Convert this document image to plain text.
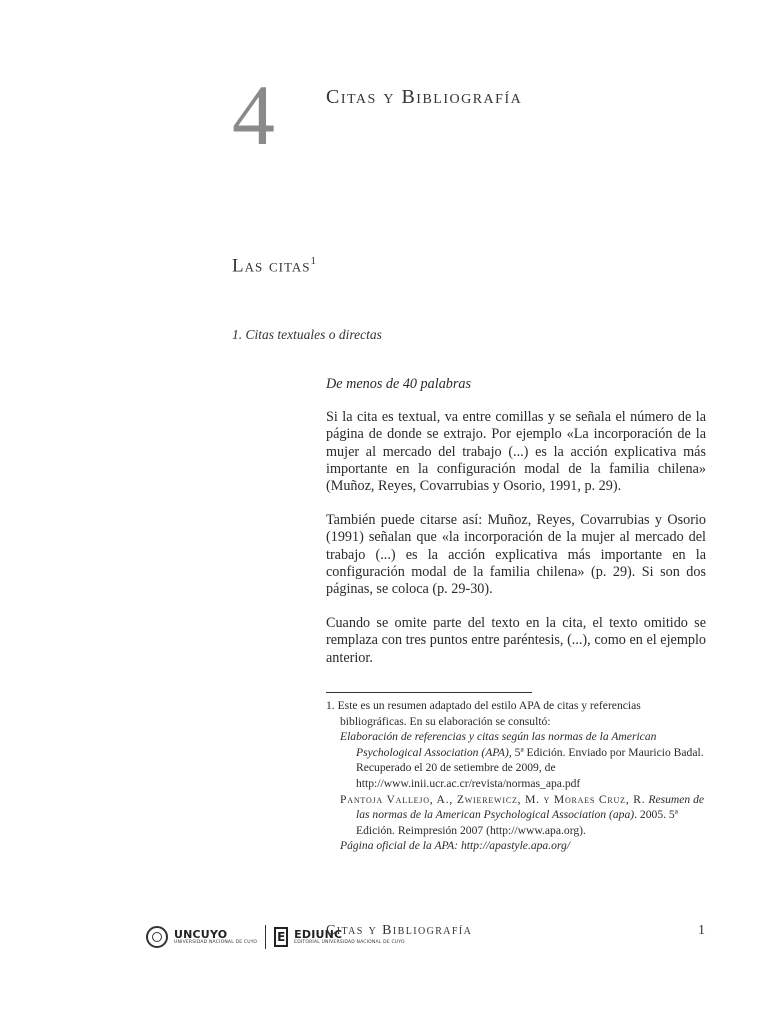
4	Citas y Bibliografía
Las citas$^1$
1. Citas textuales o directas
De menos de 40 palabras

Si la cita es textual, va entre comillas y se señala el número de la página de donde se extrajo. Por ejemplo «La incorporación de la mujer al mercado del trabajo (...) es la acción explicativa más importante en la configuración modal de la familia chilena» (Muñoz, Reyes, Covarrubias y Osorio, 1991, p. 29).

También puede citarse así: Muñoz, Reyes, Covarrubias y Osorio (1991) señalan que «la incorporación de la mujer al mercado del trabajo (...) es la acción explicativa más importante en la configuración modal de la familia chilena» (p. 29). Si son dos páginas, se coloca (p. 29-30).

Cuando se omite parte del texto en la cita, el texto omitido se remplaza con tres puntos entre paréntesis, (...), como en el ejemplo anterior.

1. Este es un resumen adaptado del estilo APA de citas y referencias
bibliográficas. En su elaboración se consultó:
Elaboración de referencias y citas según las normas de la American Psychological Association (APA), 5ª Edición. Enviado por Mauricio Badal. Recuperado el 20 de setiembre de 2009, de http://www.inii.ucr.ac.cr/revista/normas_apa.pdf
Pantoja Vallejo, A., Zwierewicz, M. y Moraes Cruz, R. Resumen de las normas de la American Psychological Association (apa). 2005. 5ª Edición. Reimpresión 2007 (http://www.apa.org).
Página oficial de la APA: http://apastyle.apa.org/
UNCUYO
UNIVERSIDAD NACIONAL DE CUYO E EDIUNC
EDITORIAL UNIVERSIDAD NACIONAL DE CUYO
Citas y Bibliografía	1
